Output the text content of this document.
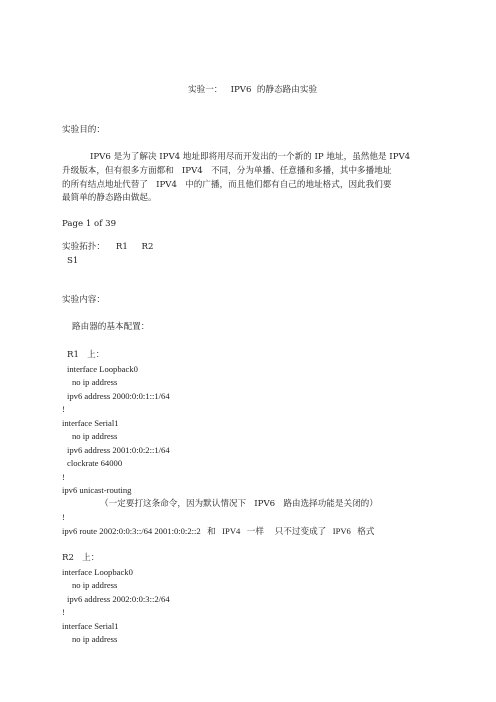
实验一：   IPV6  的静态路由实验
实验目的：
IPV6 是为了解决 IPV4 地址即将用尽而开发出的一个新的 IP 地址，虽然他是 IPV4
升级版本，但有很多方面都和   IPV4   不同，分为单播、任意播和多播，其中多播地址
的所有结点地址代替了   IPV4   中的广播，而且他们都有自己的地址格式，因此我们要
最简单的静态路由做起。
Page 1 of 39
实验拓扑：    R1     R2
S1
实验内容：
路由器的基本配置：
R1   上：
interface Loopback0
no ip address
ipv6 address 2000:0:0:1::1/64
!
interface Serial1
no ip address
ipv6 address 2001:0:0:2::1/64
clockrate 64000
!
ipv6 unicast-routing
（一定要打这条命令，因为默认情况下   IPV6   路由选择功能是关闭的）
!
ipv6 route 2002:0:0:3::/64 2001:0:0:2::2   和   IPV4   一样     只不过变成了   IPV6   格式
R2   上：
interface Loopback0
no ip address
ipv6 address 2002:0:0:3::2/64
!
interface Serial1
no ip address
